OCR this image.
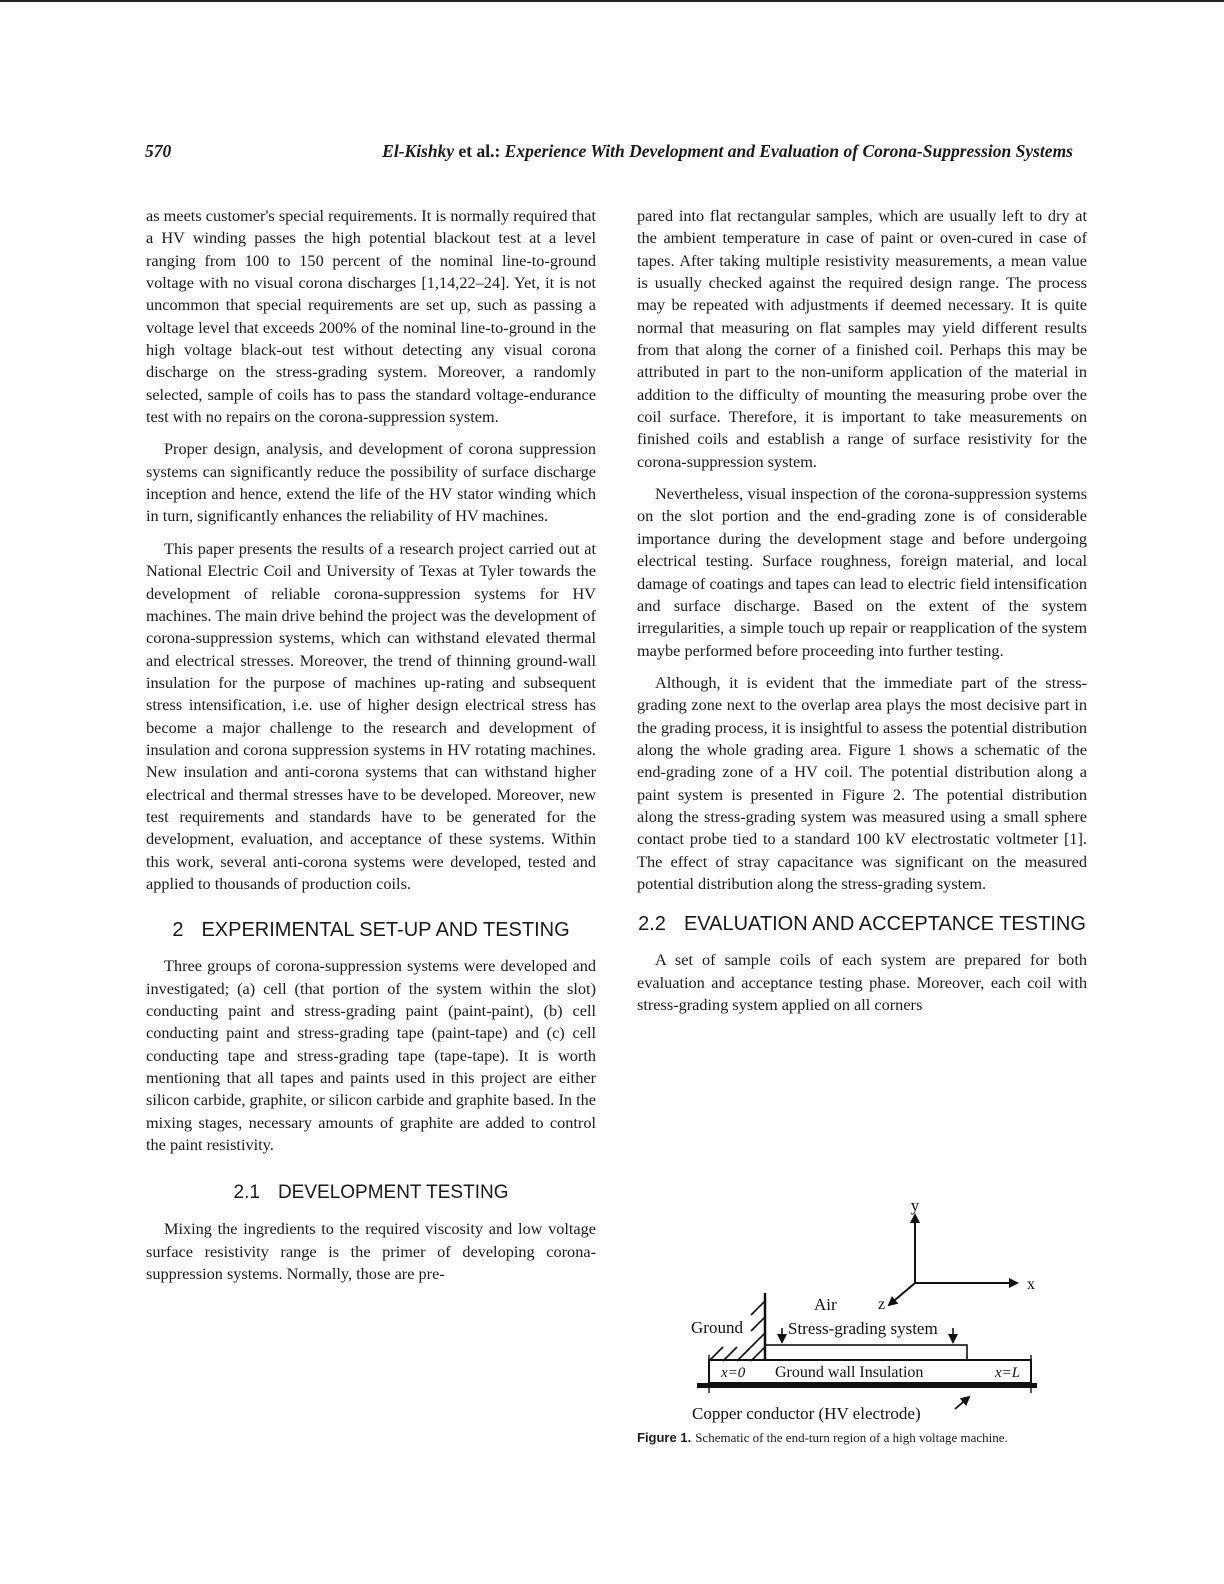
570	El-Kishky et al.: Experience With Development and Evaluation of Corona-Suppression Systems

as meets customer's special requirements. It is normally required that a HV winding passes the high potential blackout test at a level ranging from 100 to 150 percent of the nominal line-to-ground voltage with no visual corona discharges [1,14,22–24]. Yet, it is not uncommon that special requirements are set up, such as passing a voltage level that exceeds 200% of the nominal line-to-ground in the high voltage black-out test without detecting any visual corona discharge on the stress-grading system. Moreover, a randomly selected, sample of coils has to pass the standard voltage-endurance test with no repairs on the corona-suppression system.

Proper design, analysis, and development of corona suppression systems can significantly reduce the possibility of surface discharge inception and hence, extend the life of the HV stator winding which in turn, significantly enhances the reliability of HV machines.

This paper presents the results of a research project carried out at National Electric Coil and University of Texas at Tyler towards the development of reliable corona-suppression systems for HV machines. The main drive behind the project was the development of corona-suppression systems, which can withstand elevated thermal and electrical stresses. Moreover, the trend of thinning ground-wall insulation for the purpose of machines up-rating and subsequent stress intensification, i.e. use of higher design electrical stress has become a major challenge to the research and development of insulation and corona suppression systems in HV rotating machines. New insulation and anti-corona systems that can withstand higher electrical and thermal stresses have to be developed. Moreover, new test requirements and standards have to be generated for the development, evaluation, and acceptance of these systems. Within this work, several anti-corona systems were developed, tested and applied to thousands of production coils.

2 EXPERIMENTAL SET-UP AND TESTING

Three groups of corona-suppression systems were developed and investigated; (a) cell (that portion of the system within the slot) conducting paint and stress-grading paint (paint-paint), (b) cell conducting paint and stress-grading tape (paint-tape) and (c) cell conducting tape and stress-grading tape (tape-tape). It is worth mentioning that all tapes and paints used in this project are either silicon carbide, graphite, or silicon carbide and graphite based. In the mixing stages, necessary amounts of graphite are added to control the paint resistivity.

2.1 DEVELOPMENT TESTING

Mixing the ingredients to the required viscosity and low voltage surface resistivity range is the primer of developing corona-suppression systems. Normally, those are pre-

pared into flat rectangular samples, which are usually left to dry at the ambient temperature in case of paint or oven-cured in case of tapes. After taking multiple resistivity measurements, a mean value is usually checked against the required design range. The process may be repeated with adjustments if deemed necessary. It is quite normal that measuring on flat samples may yield different results from that along the corner of a finished coil. Perhaps this may be attributed in part to the non-uniform application of the material in addition to the difficulty of mounting the measuring probe over the coil surface. Therefore, it is important to take measurements on finished coils and establish a range of surface resistivity for the corona-suppression system.

Nevertheless, visual inspection of the corona-suppression systems on the slot portion and the end-grading zone is of considerable importance during the development stage and before undergoing electrical testing. Surface roughness, foreign material, and local damage of coatings and tapes can lead to electric field intensification and surface discharge. Based on the extent of the system irregularities, a simple touch up repair or reapplication of the system maybe performed before proceeding into further testing.

Although, it is evident that the immediate part of the stress-grading zone next to the overlap area plays the most decisive part in the grading process, it is insightful to assess the potential distribution along the whole grading area. Figure 1 shows a schematic of the end-grading zone of a HV coil. The potential distribution along a paint system is presented in Figure 2. The potential distribution along the stress-grading system was measured using a small sphere contact probe tied to a standard 100 kV electrostatic voltmeter [1]. The effect of stray capacitance was significant on the measured potential distribution along the stress-grading system.

2.2 EVALUATION AND ACCEPTANCE TESTING

A set of sample coils of each system are prepared for both evaluation and acceptance testing phase. Moreover, each coil with stress-grading system applied on all corners

y
x
z
Air
Ground	Stress-grading system
x=0 Ground wall Insulation	x=L
Copper conductor (HV electrode)
Figure 1. Schematic of the end-turn region of a high voltage machine.
